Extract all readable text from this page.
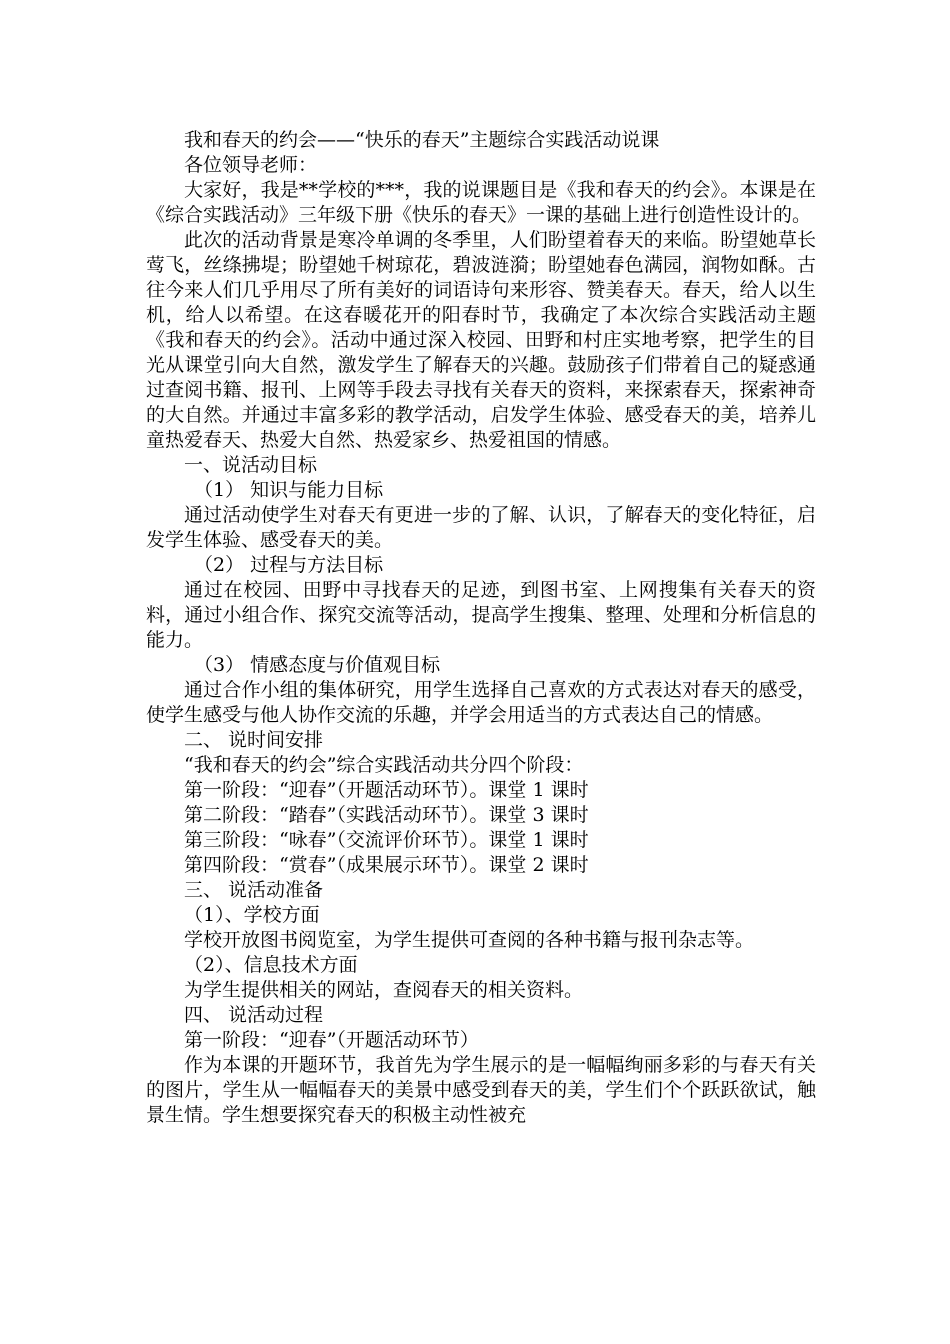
我和春天的约会——“快乐的春天”主题综合实践活动说课

各位领导老师：

大家好，我是**学校的***，我的说课题目是《我和春天的约会》。本课是在《综合实践活动》三年级下册《快乐的春天》一课的基础上进行创造性设计的。

此次的活动背景是寒冷单调的冬季里，人们盼望着春天的来临。盼望她草长莺飞，丝绦拂堤；盼望她千树琼花，碧波涟漪；盼望她春色满园，润物如酥。古往今来人们几乎用尽了所有美好的词语诗句来形容、赞美春天。春天，给人以生机，给人以希望。在这春暖花开的阳春时节，我确定了本次综合实践活动主题《我和春天的约会》。活动中通过深入校园、田野和村庄实地考察，把学生的目光从课堂引向大自然，激发学生了解春天的兴趣。鼓励孩子们带着自己的疑惑通过查阅书籍、报刊、上网等手段去寻找有关春天的资料，来探索春天，探索神奇的大自然。并通过丰富多彩的教学活动，启发学生体验、感受春天的美，培养儿童热爱春天、热爱大自然、热爱家乡、热爱祖国的情感。

一、说活动目标

（1） 知识与能力目标

通过活动使学生对春天有更进一步的了解、认识，了解春天的变化特征，启发学生体验、感受春天的美。

（2） 过程与方法目标

通过在校园、田野中寻找春天的足迹，到图书室、上网搜集有关春天的资料，通过小组合作、探究交流等活动，提高学生搜集、整理、处理和分析信息的能力。

（3） 情感态度与价值观目标

通过合作小组的集体研究，用学生选择自己喜欢的方式表达对春天的感受，使学生感受与他人协作交流的乐趣，并学会用适当的方式表达自己的情感。

二、 说时间安排

“我和春天的约会”综合实践活动共分四个阶段：

第一阶段：“迎春”（开题活动环节）。课堂 1 课时

第二阶段：“踏春”（实践活动环节）。课堂 3 课时

第三阶段：“咏春”（交流评价环节）。课堂 1 课时

第四阶段：“赏春”（成果展示环节）。课堂 2 课时

三、 说活动准备

（1）、学校方面

学校开放图书阅览室，为学生提供可查阅的各种书籍与报刊杂志等。

（2）、信息技术方面

为学生提供相关的网站，查阅春天的相关资料。

四、 说活动过程

第一阶段：“迎春”（开题活动环节）

作为本课的开题环节，我首先为学生展示的是一幅幅绚丽多彩的与春天有关的图片，学生从一幅幅春天的美景中感受到春天的美，学生们个个跃跃欲试，触景生情。学生想要探究春天的积极主动性被充
